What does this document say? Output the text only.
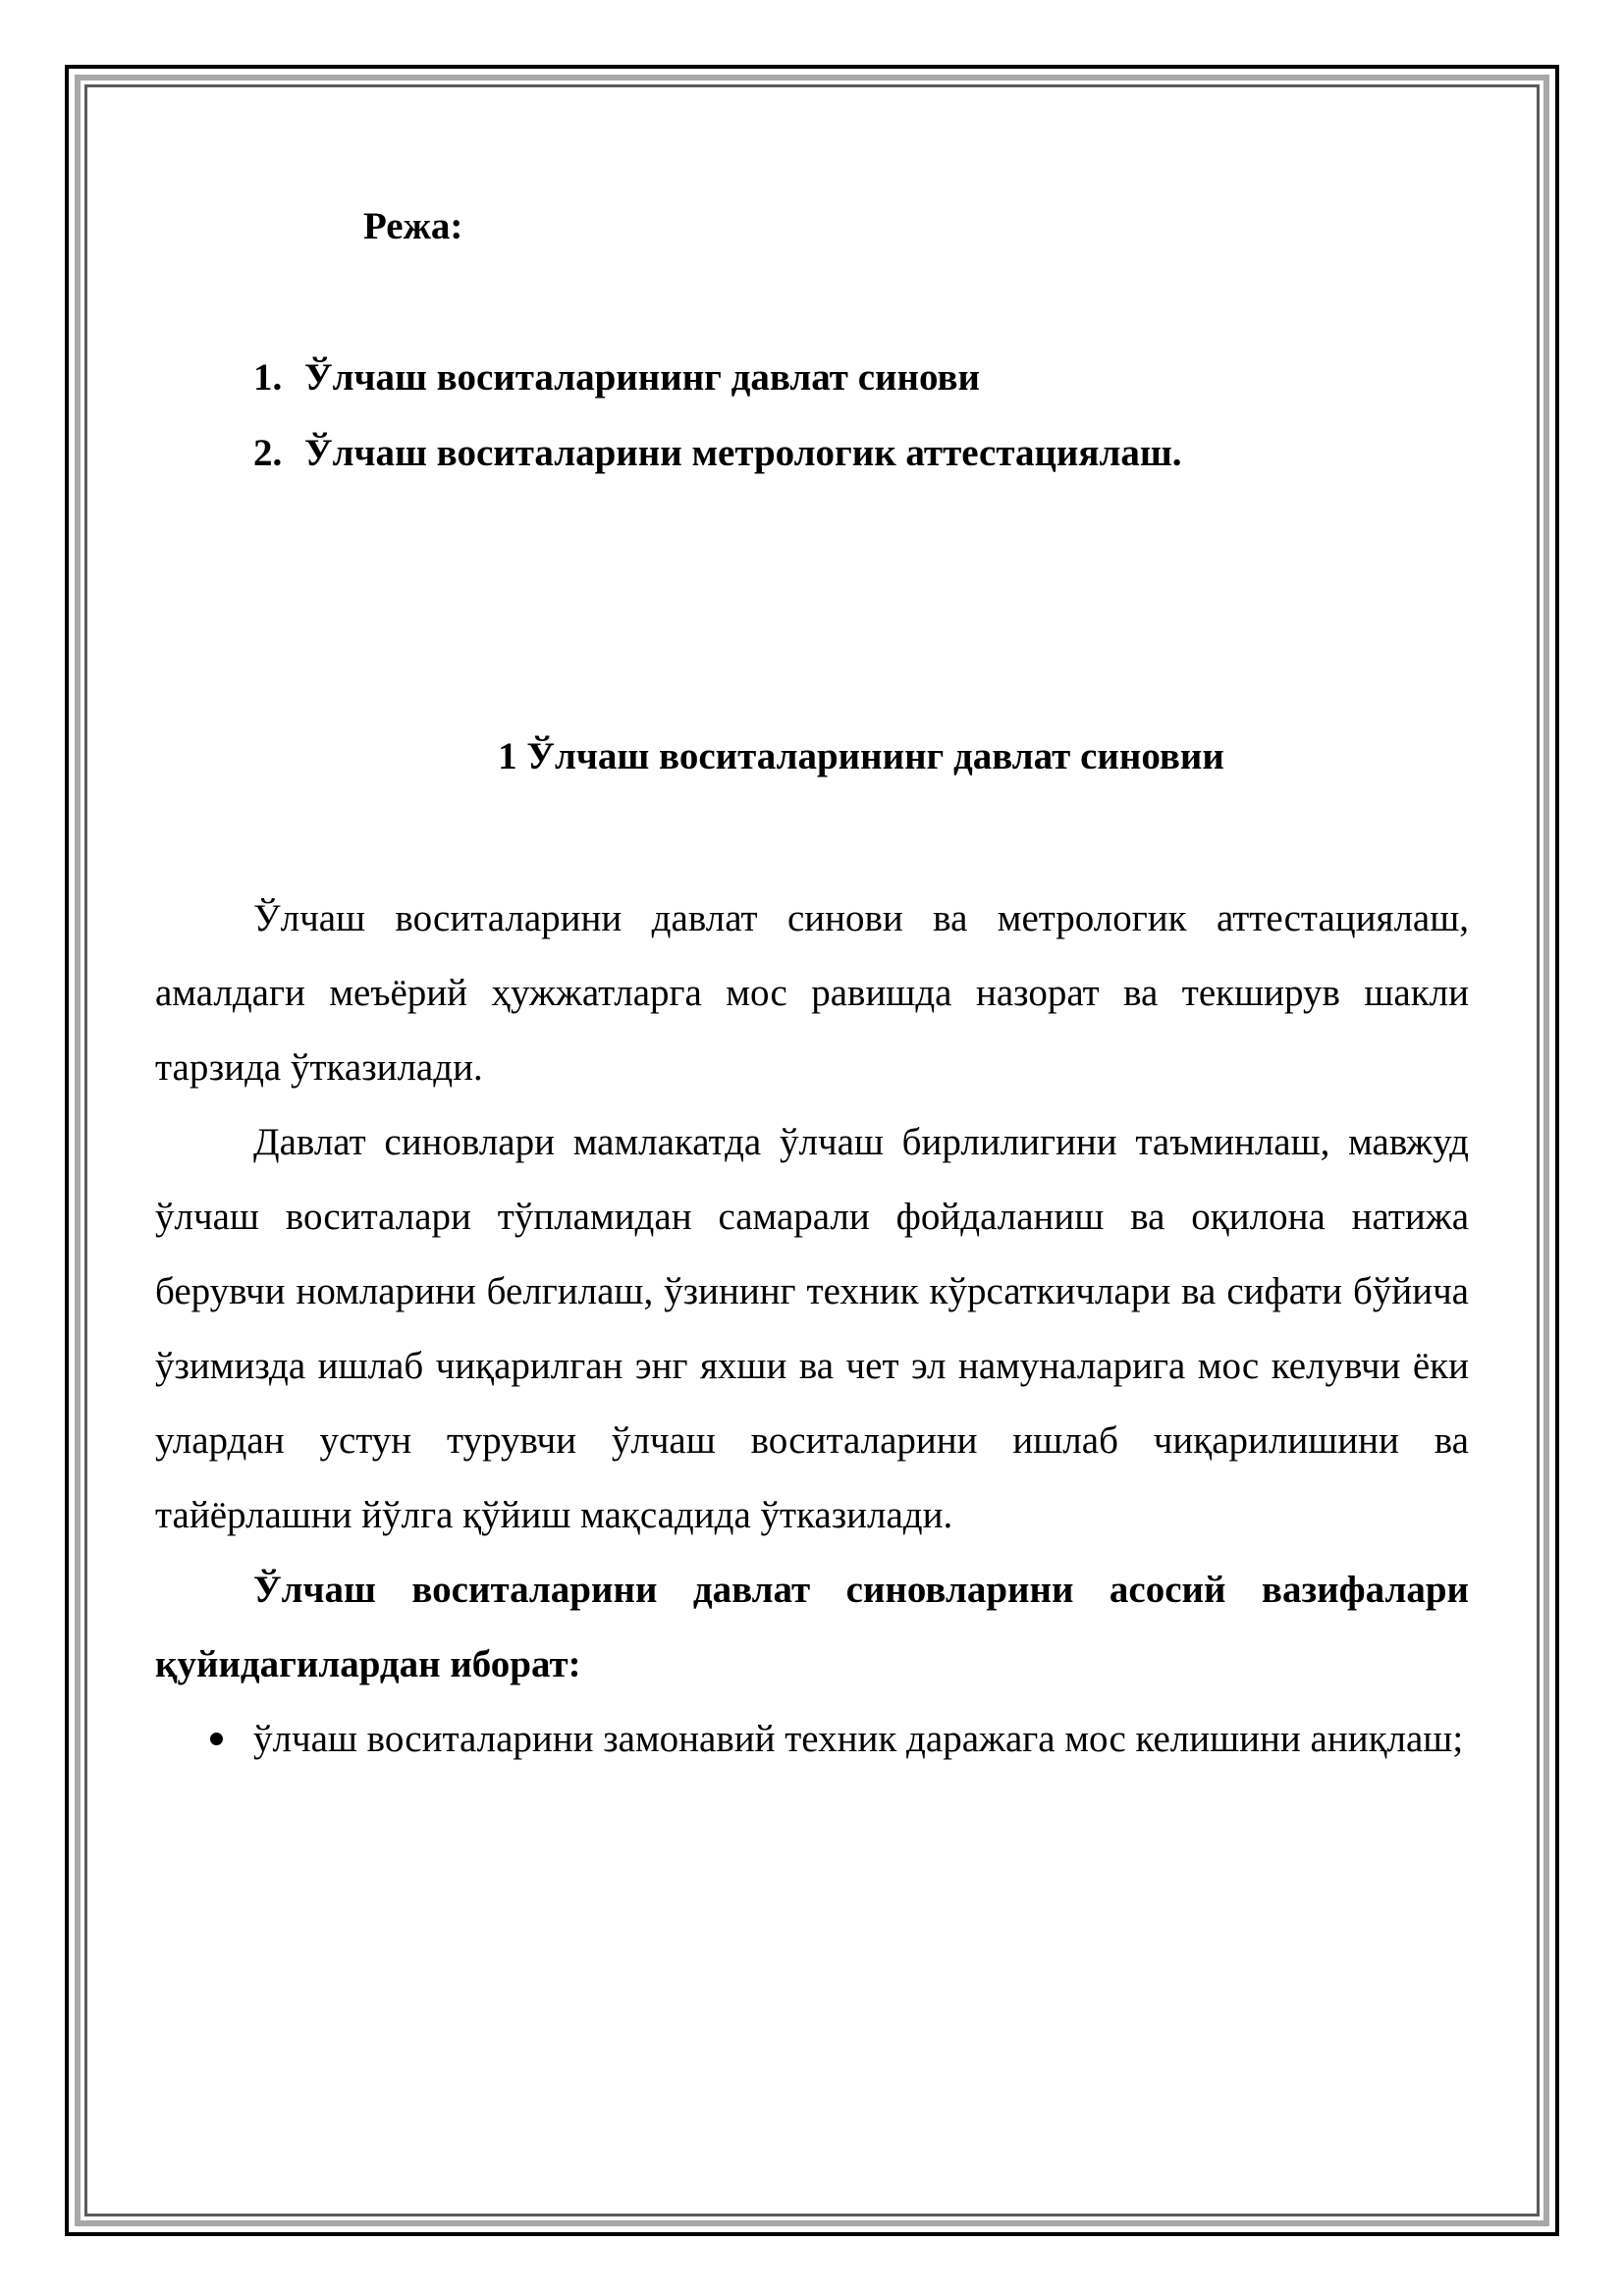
Режа:
1. Ўлчаш воситаларининг давлат синови
2. Ўлчаш воситаларини метрологик аттестациялаш.
1 Ўлчаш воситаларининг давлат синовии

Ўлчаш воситаларини давлат синови ва метрологик аттестациялаш, амалдаги меъёрий ҳужжатларга мос равишда назорат ва текширув шакли тарзида ўтказилади.

Давлат синовлари мамлакатда ўлчаш бирлилигини таъминлаш, мавжуд ўлчаш воситалари тўпламидан самарали фойдаланиш ва оқилона натижа берувчи номларини белгилаш, ўзининг техник кўрсаткичлари ва сифати бўйича ўзимизда ишлаб чиқарилган энг яхши ва чет эл намуналарига мос келувчи ёки улардан устун турувчи ўлчаш воситаларини ишлаб чиқарилишини ва тайёрлашни йўлга қўйиш мақсадида ўтказилади.

Ўлчаш воситаларини давлат синовларини асосий вазифалари қуйидагилардан иборат:

ўлчаш воситаларини замонавий техник даражага мос келишини аниқлаш;
